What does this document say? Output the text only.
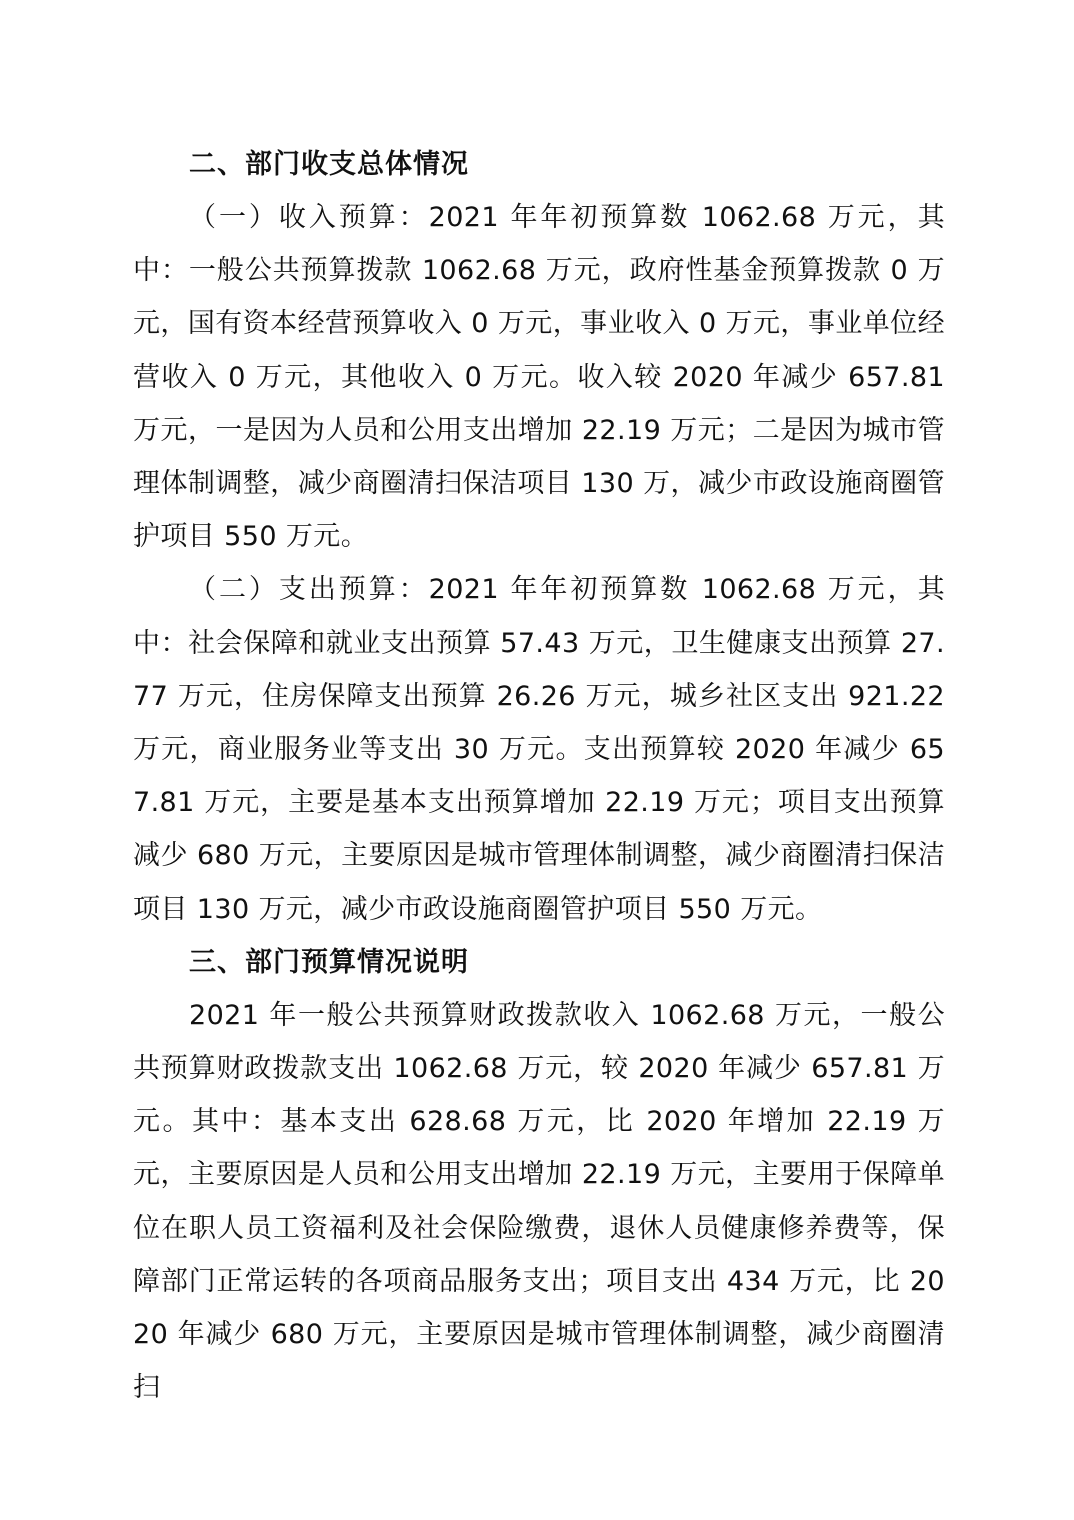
二、部门收支总体情况

（一）收入预算：2021 年年初预算数 1062.68 万元，其中：一般公共预算拨款 1062.68 万元，政府性基金预算拨款 0 万元，国有资本经营预算收入 0 万元，事业收入 0 万元，事业单位经营收入 0 万元，其他收入 0 万元。收入较 2020 年减少 657.81 万元，一是因为人员和公用支出增加 22.19 万元；二是因为城市管理体制调整，减少商圈清扫保洁项目 130 万，减少市政设施商圈管护项目 550 万元。

（二）支出预算：2021 年年初预算数 1062.68 万元，其中：社会保障和就业支出预算 57.43 万元，卫生健康支出预算 27.77 万元，住房保障支出预算 26.26 万元，城乡社区支出 921.22 万元，商业服务业等支出 30 万元。支出预算较 2020 年减少 657.81 万元，主要是基本支出预算增加 22.19 万元；项目支出预算减少 680 万元，主要原因是城市管理体制调整，减少商圈清扫保洁项目 130 万元，减少市政设施商圈管护项目 550 万元。

三、部门预算情况说明

2021 年一般公共预算财政拨款收入 1062.68 万元，一般公共预算财政拨款支出 1062.68 万元，较 2020 年减少 657.81 万元。其中：基本支出 628.68 万元，比 2020 年增加 22.19 万元，主要原因是人员和公用支出增加 22.19 万元，主要用于保障单位在职人员工资福利及社会保险缴费，退休人员健康修养费等，保障部门正常运转的各项商品服务支出；项目支出 434 万元，比 2020 年减少 680 万元，主要原因是城市管理体制调整，减少商圈清扫
